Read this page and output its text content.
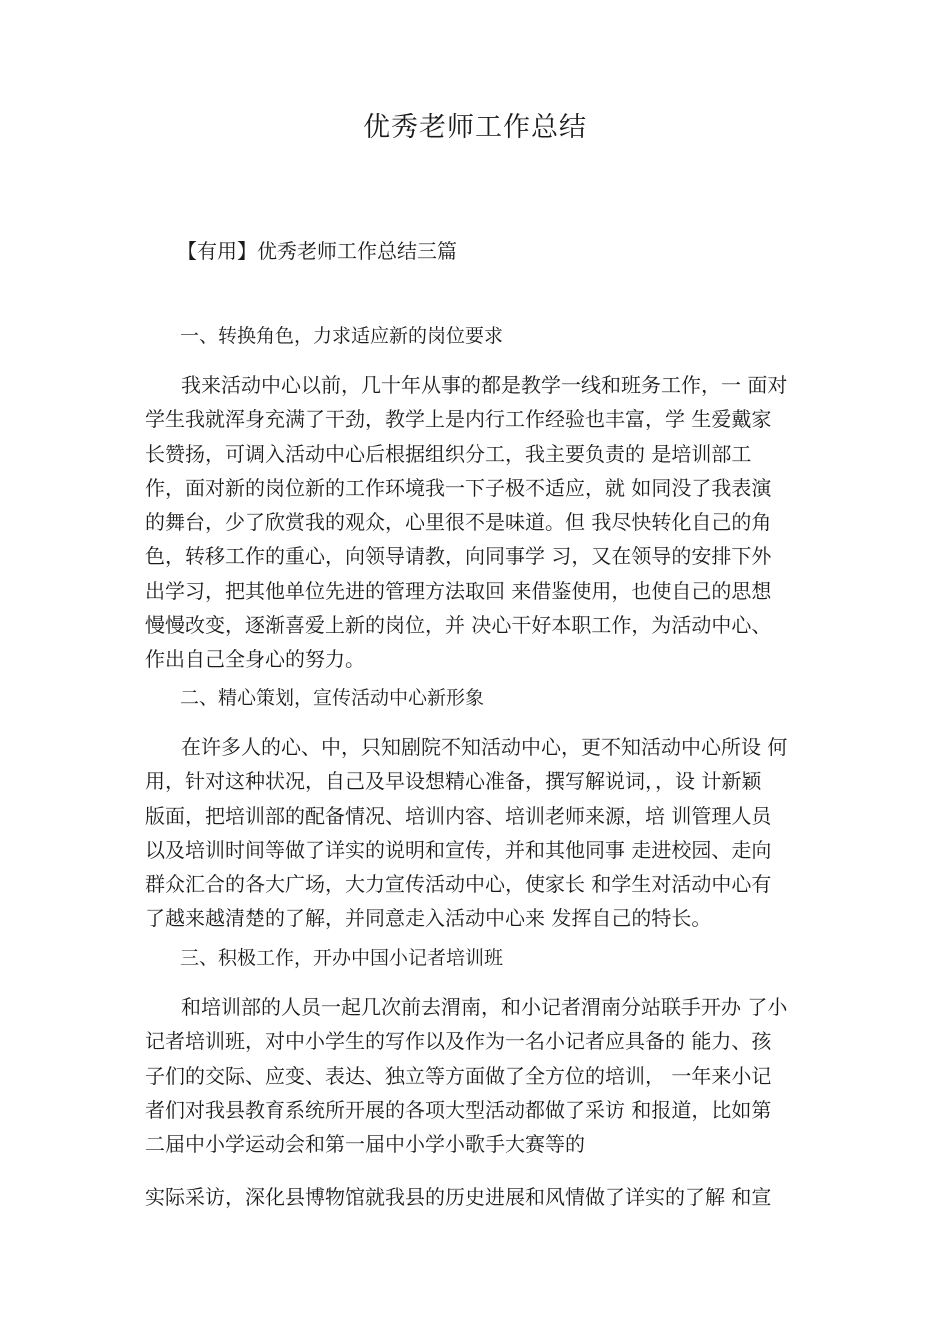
优秀老师工作总结
【有用】优秀老师工作总结三篇
一、转换角色，力求适应新的岗位要求
我来活动中心以前，几十年从事的都是教学一线和班务工作，一 面对
学生我就浑身充满了干劲，教学上是内行工作经验也丰富，学 生爱戴家
长赞扬，可调入活动中心后根据组织分工，我主要负责的 是培训部工
作，面对新的岗位新的工作环境我一下子极不适应，就 如同没了我表演
的舞台，少了欣赏我的观众，心里很不是味道。但 我尽快转化自己的角
色，转移工作的重心，向领导请教，向同事学 习，又在领导的安排下外
出学习，把其他单位先进的管理方法取回 来借鉴使用，也使自己的思想
慢慢改变，逐渐喜爱上新的岗位，并 决心干好本职工作，为活动中心、
作出自己全身心的努力。
二、精心策划，宣传活动中心新形象
在许多人的心、中，只知剧院不知活动中心，更不知活动中心所设 何
用，针对这种状况，自己及早设想精心准备，撰写解说词，，设 计新颖
版面，把培训部的配备情况、培训内容、培训老师来源，培 训管理人员
以及培训时间等做了详实的说明和宣传，并和其他同事 走进校园、走向
群众汇合的各大广场，大力宣传活动中心，使家长 和学生对活动中心有
了越来越清楚的了解，并同意走入活动中心来 发挥自己的特长。
三、积极工作，开办中国小记者培训班
和培训部的人员一起几次前去渭南，和小记者渭南分站联手开办 了小
记者培训班，对中小学生的写作以及作为一名小记者应具备的 能力、孩
子们的交际、应变、表达、独立等方面做了全方位的培训， 一年来小记
者们对我县教育系统所开展的各项大型活动都做了采访 和报道，比如第
二届中小学运动会和第一届中小学小歌手大赛等的
实际采访，深化县博物馆就我县的历史进展和风情做了详实的了解 和宣
